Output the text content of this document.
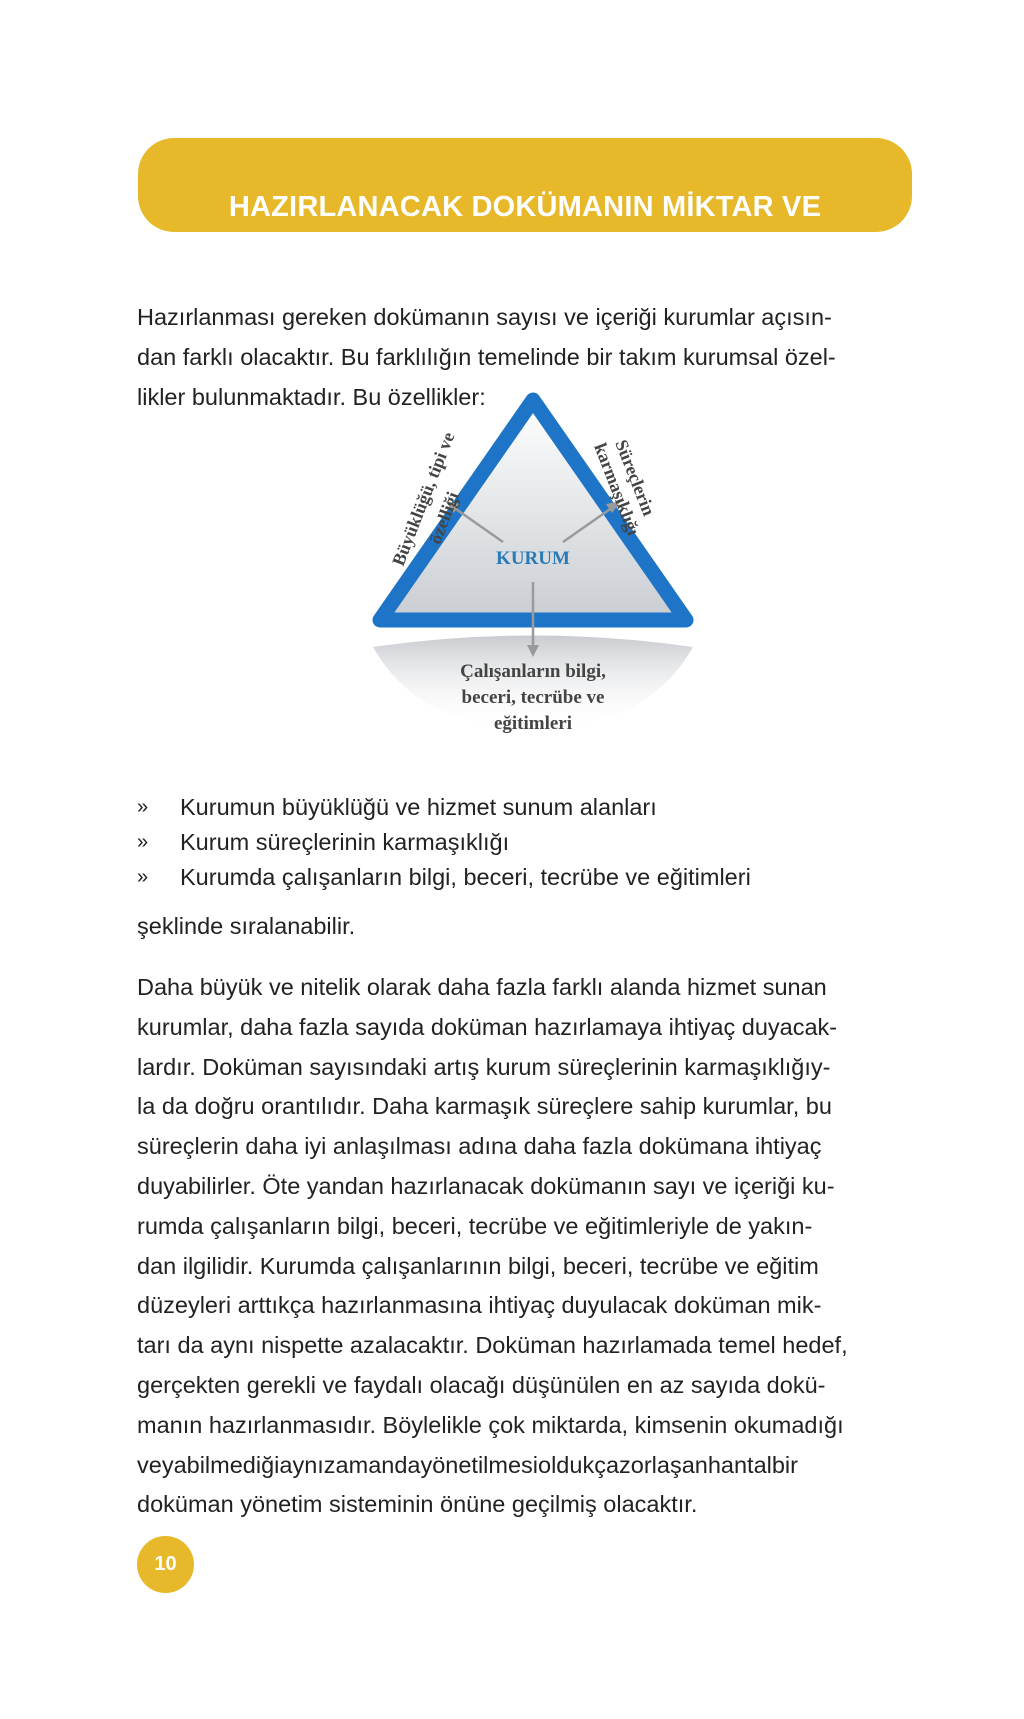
HAZIRLANACAK DOKÜMANIN MİKTAR VE

Hazırlanması gereken dokümanın sayısı ve içeriği kurumlar açısın-
dan farklı olacaktır. Bu farklılığın temelinde bir takım kurumsal özel-
likler bulunmaktadır. Bu özellikler:

KURUM
Büyüklüğü, tipi ve
özelliği
Süreçlerin
karmaşıklığı
Çalışanların bilgi,
beceri, tecrübe ve
eğitimleri
»	Kurumun büyüklüğü ve hizmet sunum alanları
»	Kurum süreçlerinin karmaşıklığı
»	Kurumda çalışanların bilgi, beceri, tecrübe ve eğitimleri

şeklinde sıralanabilir.

Daha büyük ve nitelik olarak daha fazla farklı alanda hizmet sunan
kurumlar, daha fazla sayıda doküman hazırlamaya ihtiyaç duyacak-
lardır. Doküman sayısındaki artış kurum süreçlerinin karmaşıklığıy-
la da doğru orantılıdır. Daha karmaşık süreçlere sahip kurumlar, bu
süreçlerin daha iyi anlaşılması adına daha fazla dokümana ihtiyaç
duyabilirler. Öte yandan hazırlanacak dokümanın sayı ve içeriği ku-
rumda çalışanların bilgi, beceri, tecrübe ve eğitimleriyle de yakın-
dan ilgilidir. Kurumda çalışanlarının bilgi, beceri, tecrübe ve eğitim
düzeyleri arttıkça hazırlanmasına ihtiyaç duyulacak doküman mik-
tarı da aynı nispette azalacaktır. Doküman hazırlamada temel hedef,
gerçekten gerekli ve faydalı olacağı düşünülen en az sayıda dokü-
manın hazırlanmasıdır. Böylelikle çok miktarda, kimsenin okumadığı
veyabilmediğiaynızamandayönetilmesioldukçazorlaşanhantalbir
doküman yönetim sisteminin önüne geçilmiş olacaktır.

10
